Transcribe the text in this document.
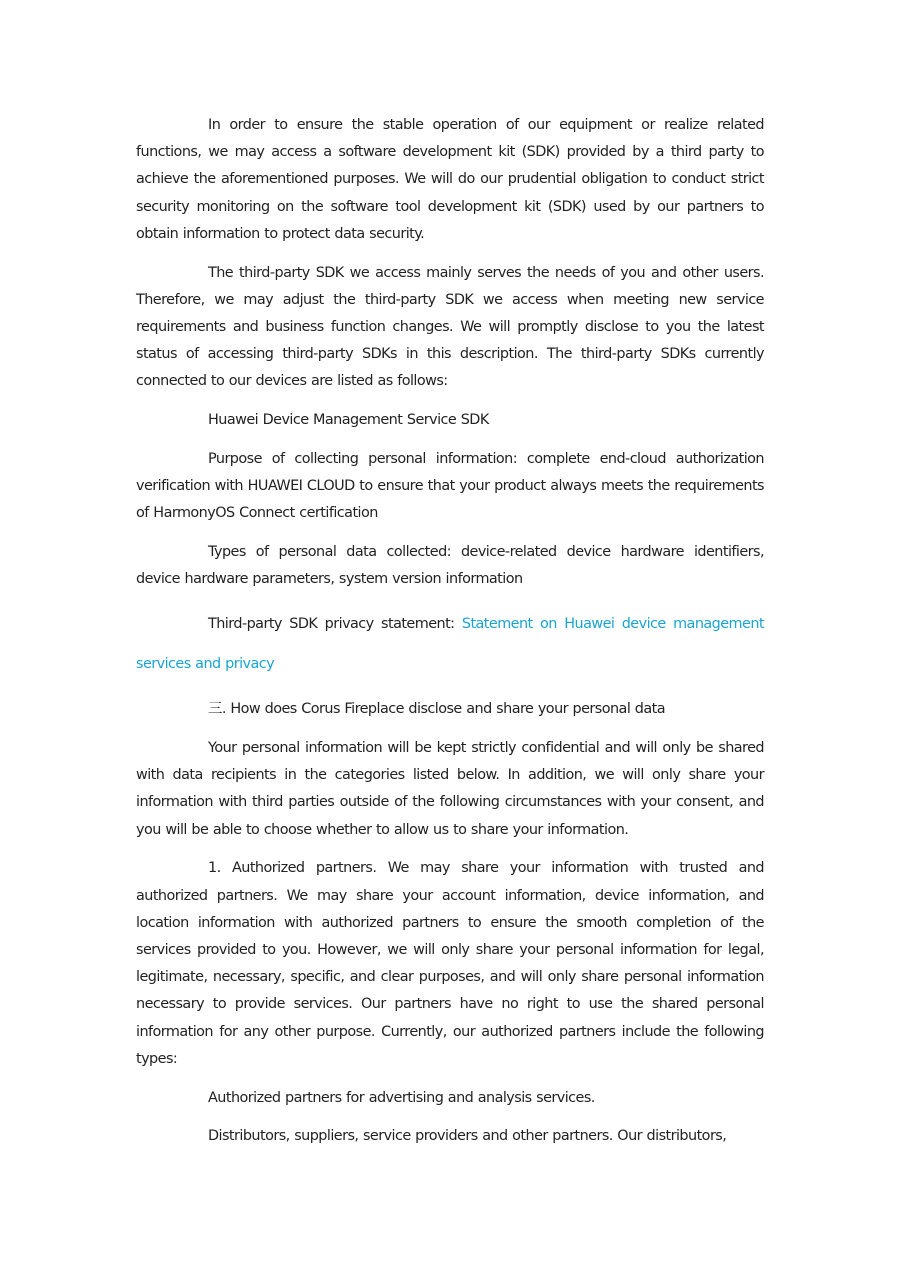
In order to ensure the stable operation of our equipment or realize related functions, we may access a software development kit (SDK) provided by a third party to achieve the aforementioned purposes. We will do our prudential obligation to conduct strict security monitoring on the software tool development kit (SDK) used by our partners to obtain information to protect data security.

The third-party SDK we access mainly serves the needs of you and other users. Therefore, we may adjust the third-party SDK we access when meeting new service requirements and business function changes. We will promptly disclose to you the latest status of accessing third-party SDKs in this description. The third-party SDKs currently connected to our devices are listed as follows:

Huawei Device Management Service SDK

Purpose of collecting personal information: complete end-cloud authorization verification with HUAWEI CLOUD to ensure that your product always meets the requirements of HarmonyOS Connect certification

Types of personal data collected: device-related device hardware identifiers, device hardware parameters, system version information

Third-party SDK privacy statement: Statement on Huawei device management services and privacy

三. How does Corus Fireplace disclose and share your personal data

Your personal information will be kept strictly confidential and will only be shared with data recipients in the categories listed below. In addition, we will only share your information with third parties outside of the following circumstances with your consent, and you will be able to choose whether to allow us to share your information.

1. Authorized partners. We may share your information with trusted and authorized partners. We may share your account information, device information, and location information with authorized partners to ensure the smooth completion of the services provided to you. However, we will only share your personal information for legal, legitimate, necessary, specific, and clear purposes, and will only share personal information necessary to provide services. Our partners have no right to use the shared personal information for any other purpose. Currently, our authorized partners include the following types:

Authorized partners for advertising and analysis services.

Distributors, suppliers, service providers and other partners. Our distributors,
